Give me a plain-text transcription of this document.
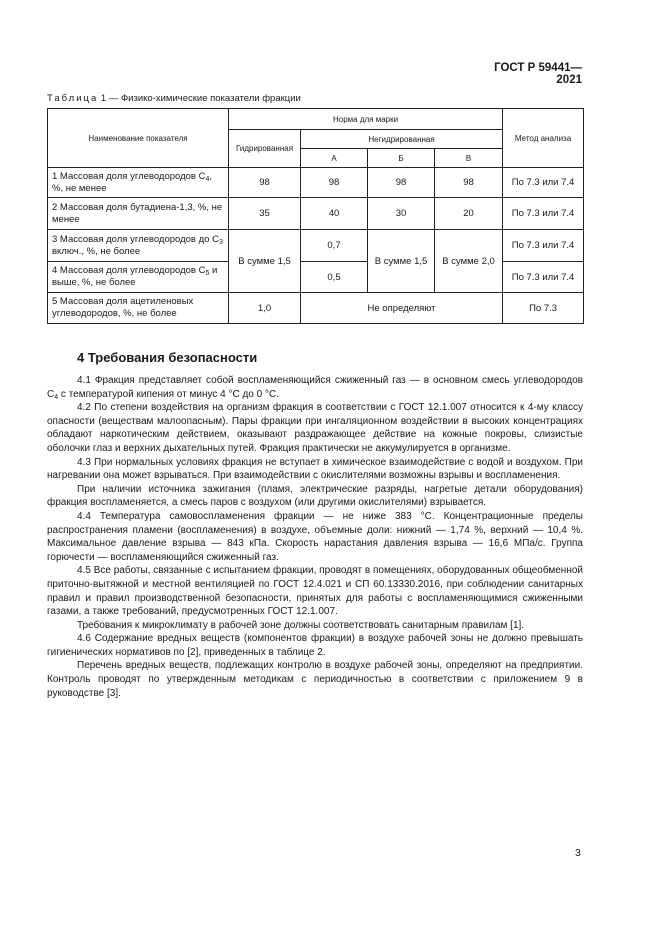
ГОСТ Р 59441—2021
Таблица 1 — Физико-химические показатели фракции
Наименование показателя	Норма для марки				Метод анализа
	Гидрированная	Негидрированная			
		А	Б	В	
1 Массовая доля углеводородов $С_4$, %, не менее	98	98	98	98	По 7.3 или 7.4
2 Массовая доля бутадиена-1,3, %, не менее	35	40	30	20	По 7.3 или 7.4
3 Массовая доля углеводородов до $С_3$ включ., %, не более	В сумме 1,5	0,7	В сумме 1,5	В сумме 2,0	По 7.3 или 7.4
4 Массовая доля углеводородов $С_5$ и выше, %, не более		0,5			По 7.3 или 7.4
5 Массовая доля ацетиленовых углеводородов, %, не более	1,0	Не определяют			По 7.3
4 Требования безопасности

4.1 Фракция представляет собой воспламеняющийся сжиженный газ — в основном смесь углеводородов $С_4$ с температурой кипения от минус 4 °С до 0 °С.

4.2 По степени воздействия на организм фракция в соответствии с ГОСТ 12.1.007 относится к 4-му классу опасности (веществам малоопасным). Пары фракции при ингаляционном воздействии в высоких концентрациях обладают наркотическим действием, оказывают раздражающее действие на кожные покровы, слизистые оболочки глаз и верхних дыхательных путей. Фракция практически не аккумулируется в организме.

4.3 При нормальных условиях фракция не вступает в химическое взаимодействие с водой и воздухом. При нагревании она может взрываться. При взаимодействии с окислителями возможны взрывы и воспламенения.

При наличии источника зажигания (пламя, электрические разряды, нагретые детали оборудования) фракция воспламеняется, а смесь паров с воздухом (или другими окислителями) взрывается.

4.4 Температура самовоспламенения фракции — не ниже 383 °С. Концентрационные пределы распространения пламени (воспламенения) в воздухе, объемные доли: нижний — 1,74 %, верхний — 10,4 %. Максимальное давление взрыва — 843 кПа. Скорость нарастания давления взрыва — 16,6 МПа/с. Группа горючести — воспламеняющийся сжиженный газ.

4.5 Все работы, связанные с испытанием фракции, проводят в помещениях, оборудованных общеобменной приточно-вытяжной и местной вентиляцией по ГОСТ 12.4.021 и СП 60.13330.2016, при соблюдении санитарных правил и правил производственной безопасности, принятых для работы с воспламеняющимися сжиженными газами, а также требований, предусмотренных ГОСТ 12.1.007.

Требования к микроклимату в рабочей зоне должны соответствовать санитарным правилам [1].

4.6 Содержание вредных веществ (компонентов фракции) в воздухе рабочей зоны не должно превышать гигиенических нормативов по [2], приведенных в таблице 2.

Перечень вредных веществ, подлежащих контролю в воздухе рабочей зоны, определяют на предприятии. Контроль проводят по утвержденным методикам с периодичностью в соответствии с приложением 9 в руководстве [3].

3
